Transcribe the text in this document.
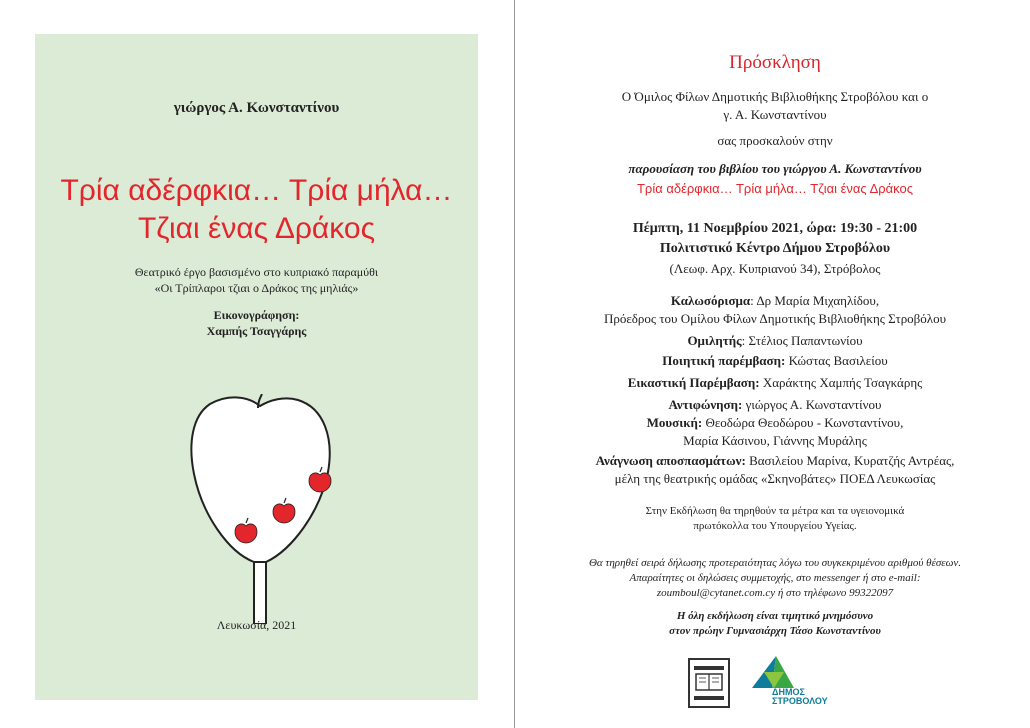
γιώργος Α. Κωνσταντίνου
Τρία αδέρφκια… Τρία μήλα…
Τζιαι ένας Δράκος
Θεατρικό έργο βασισμένο στο κυπριακό παραμύθι
«Οι Τρίπλαροι τζιαι ο Δράκος της μηλιάς»
Εικονογράφηση:
Χαμπής Τσαγγάρης
Λευκωσία, 2021
Πρόσκληση
Ο Όμιλος Φίλων Δημοτικής Βιβλιοθήκης Στροβόλου και ο
γ. Α. Κωνσταντίνου
σας προσκαλούν στην
παρουσίαση του βιβλίου του γιώργου Α. Κωνσταντίνου
Τρία αδέρφκια… Τρία μήλα… Τζιαι ένας Δράκος
Πέμπτη, 11 Νοεμβρίου 2021, ώρα: 19:30 - 21:00
Πολιτιστικό Κέντρο Δήμου Στροβόλου
(Λεωφ. Αρχ. Κυπριανού 34), Στρόβολος
Καλωσόρισμα: Δρ Μαρία Μιχαηλίδου,
Πρόεδρος του Ομίλου Φίλων Δημοτικής Βιβλιοθήκης Στροβόλου
Ομιλητής: Στέλιος Παπαντωνίου
Ποιητική παρέμβαση: Κώστας Βασιλείου
Εικαστική Παρέμβαση: Χαράκτης Χαμπής Τσαγκάρης
Αντιφώνηση: γιώργος Α. Κωνσταντίνου
Μουσική: Θεοδώρα Θεοδώρου - Κωνσταντίνου,
Μαρία Κάσινου, Γιάννης Μυράλης
Ανάγνωση αποσπασμάτων: Βασιλείου Μαρίνα, Κυρατζής Αντρέας,
μέλη της θεατρικής ομάδας «Σκηνοβάτες» ΠΟΕΔ Λευκωσίας
Στην Εκδήλωση θα τηρηθούν τα μέτρα και τα υγειονομικά
πρωτόκολλα του Υπουργείου Υγείας.
Θα τηρηθεί σειρά δήλωσης προτεραιότητας λόγω του συγκεκριμένου αριθμού θέσεων.
Απαραίτητες οι δηλώσεις συμμετοχής, στο messenger ή στο e-mail:
zoumboul@cytanet.com.cy ή στο τηλέφωνο 99322097
Η όλη εκδήλωση είναι τιμητικό μνημόσυνο
στον πρώην Γυμνασιάρχη Τάσο Κωνσταντίνου
ΔΗΜΟΣ
ΣΤΡΟΒΟΛΟΥ
